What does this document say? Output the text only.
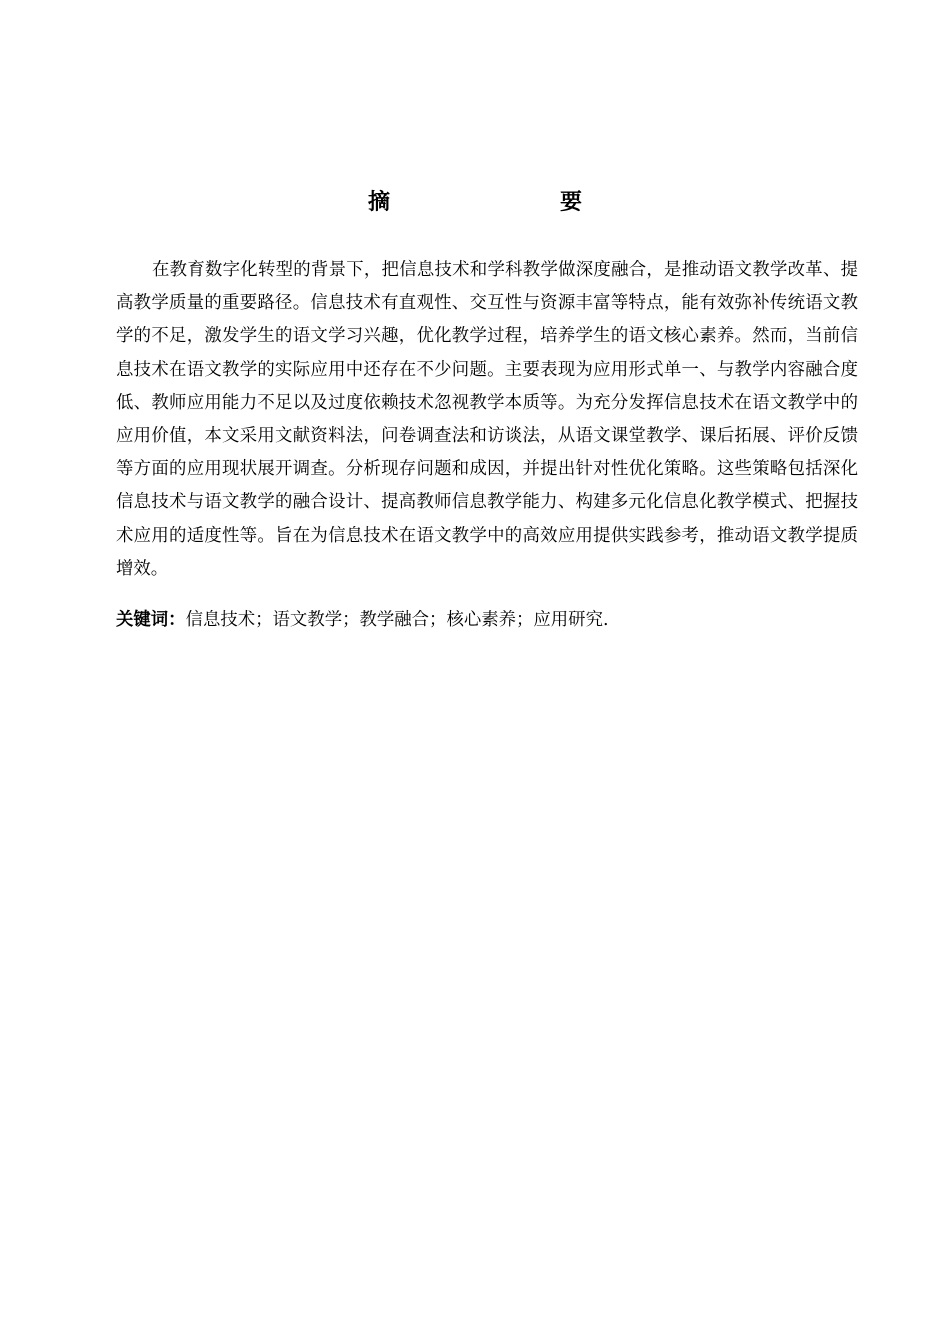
摘　　要

在教育数字化转型的背景下，把信息技术和学科教学做深度融合，是推动语文教学改革、提高教学质量的重要路径。信息技术有直观性、交互性与资源丰富等特点，能有效弥补传统语文教学的不足，激发学生的语文学习兴趣，优化教学过程，培养学生的语文核心素养。然而，当前信息技术在语文教学的实际应用中还存在不少问题。主要表现为应用形式单一、与教学内容融合度低、教师应用能力不足以及过度依赖技术忽视教学本质等。为充分发挥信息技术在语文教学中的应用价值，本文采用文献资料法，问卷调查法和访谈法，从语文课堂教学、课后拓展、评价反馈等方面的应用现状展开调查。分析现存问题和成因，并提出针对性优化策略。这些策略包括深化信息技术与语文教学的融合设计、提高教师信息教学能力、构建多元化信息化教学模式、把握技术应用的适度性等。旨在为信息技术在语文教学中的高效应用提供实践参考，推动语文教学提质增效。

关键词：信息技术；语文教学；教学融合；核心素养；应用研究.
